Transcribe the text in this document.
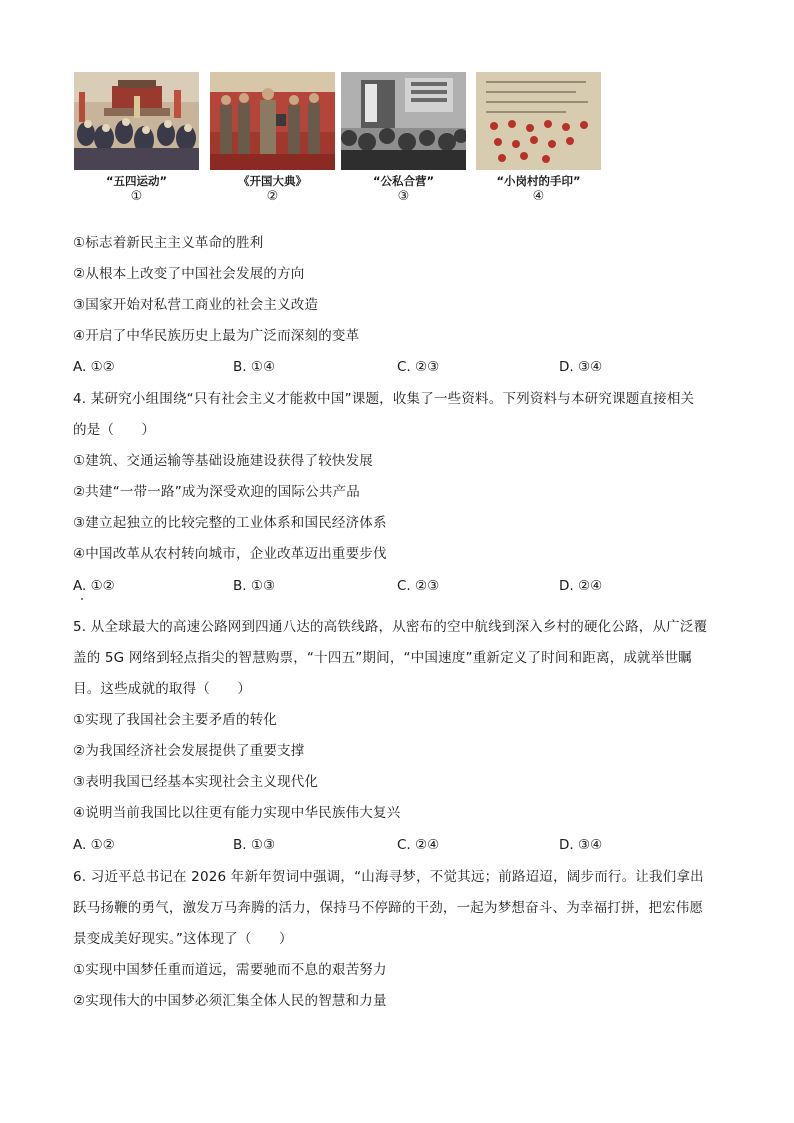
“五四运动”
①
《开国大典》
②
“公私合营”
③
“小岗村的手印”
④
①标志着新民主主义革命的胜利
②从根本上改变了中国社会发展的方向
③国家开始对私营工商业的社会主义改造
④开启了中华民族历史上最为广泛而深刻的变革
A. ①②	B. ①④	C. ②③	D. ③④
4. 某研究小组围绕“只有社会主义才能救中国”课题，收集了一些资料。下列资料与本研究课题直接相关
的是（　　）
①建筑、交通运输等基础设施建设获得了较快发展
②共建“一带一路”成为深受欢迎的国际公共产品
③建立起独立的比较完整的工业体系和国民经济体系
④中国改革从农村转向城市，企业改革迈出重要步伐
A. ①②	B. ①③	C. ②③	D. ②④
5. 从全球最大的高速公路网到四通八达的高铁线路，从密布的空中航线到深入乡村的硬化公路，从广泛覆
盖的 5G 网络到轻点指尖的智慧购票，“十四五”期间，“中国速度”重新定义了时间和距离，成就举世瞩
目。这些成就的取得（　　）
①实现了我国社会主要矛盾的转化
②为我国经济社会发展提供了重要支撑
③表明我国已经基本实现社会主义现代化
④说明当前我国比以往更有能力实现中华民族伟大复兴
A. ①②	B. ①③	C. ②④	D. ③④
6. 习近平总书记在 2026 年新年贺词中强调，“山海寻梦，不觉其远；前路迢迢，阔步而行。让我们拿出
跃马扬鞭的勇气，激发万马奔腾的活力，保持马不停蹄的干劲，一起为梦想奋斗、为幸福打拼，把宏伟愿
景变成美好现实。”这体现了（　　）
①实现中国梦任重而道远，需要驰而不息的艰苦努力
②实现伟大的中国梦必须汇集全体人民的智慧和力量
